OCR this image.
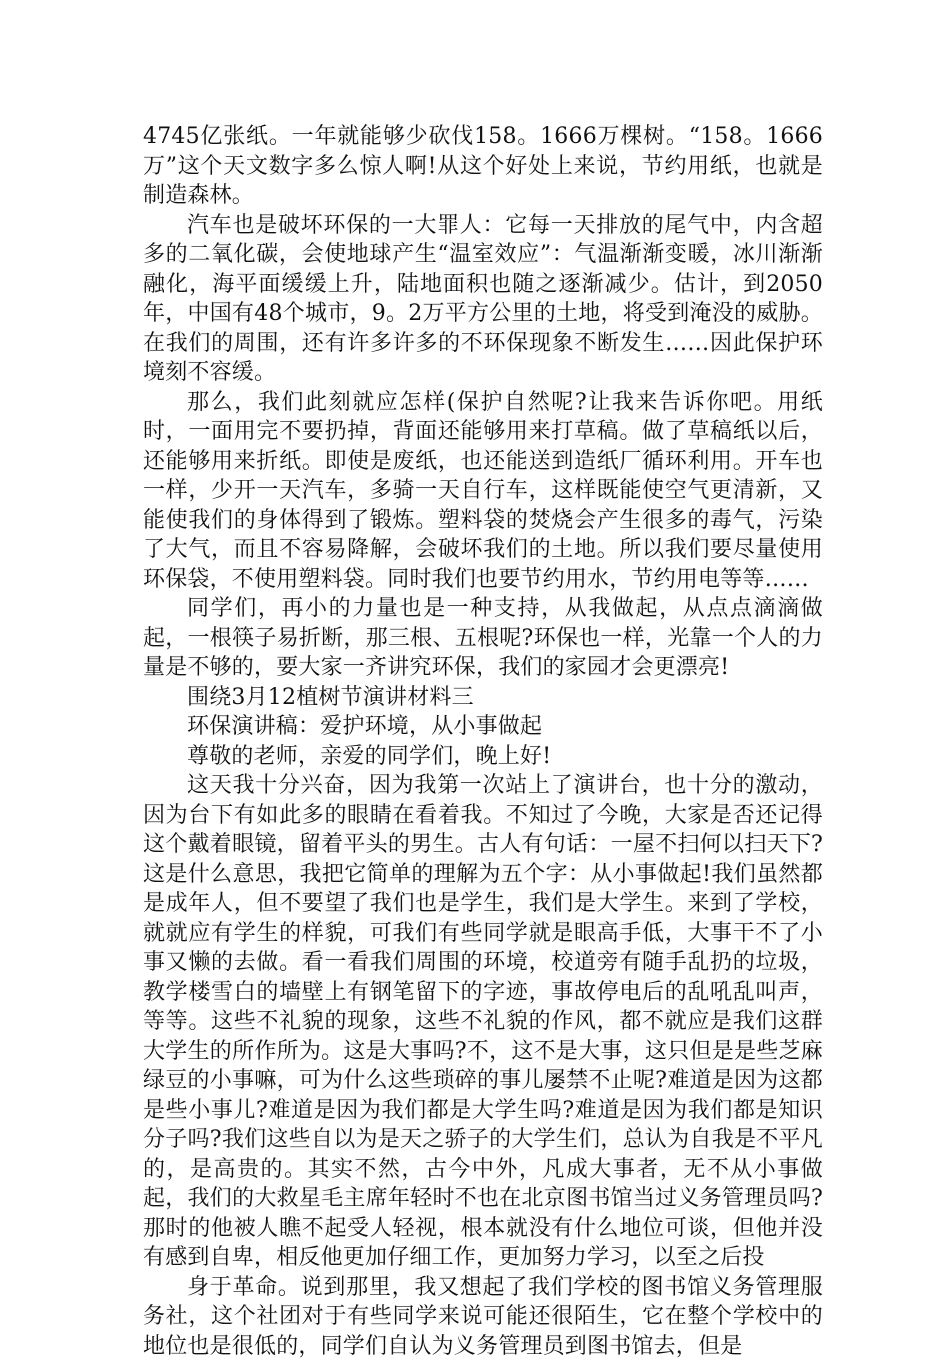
4745亿张纸。一年就能够少砍伐158。1666万棵树。“158。1666万”这个天文数字多么惊人啊!从这个好处上来说，节约用纸，也就是制造森林。

汽车也是破坏环保的一大罪人：它每一天排放的尾气中，内含超多的二氧化碳，会使地球产生“温室效应”：气温渐渐变暖，冰川渐渐融化，海平面缓缓上升，陆地面积也随之逐渐减少。估计，到2050年，中国有48个城市，9。2万平方公里的土地，将受到淹没的威胁。在我们的周围，还有许多许多的不环保现象不断发生……因此保护环境刻不容缓。

那么，我们此刻就应怎样(保护自然呢?让我来告诉你吧。用纸时，一面用完不要扔掉，背面还能够用来打草稿。做了草稿纸以后，还能够用来折纸。即使是废纸，也还能送到造纸厂循环利用。开车也一样，少开一天汽车，多骑一天自行车，这样既能使空气更清新，又能使我们的身体得到了锻炼。塑料袋的焚烧会产生很多的毒气，污染了大气，而且不容易降解，会破坏我们的土地。所以我们要尽量使用环保袋，不使用塑料袋。同时我们也要节约用水，节约用电等等……

同学们，再小的力量也是一种支持，从我做起，从点点滴滴做起，一根筷子易折断，那三根、五根呢?环保也一样，光靠一个人的力量是不够的，要大家一齐讲究环保，我们的家园才会更漂亮!

围绕3月12植树节演讲材料三

环保演讲稿：爱护环境，从小事做起

尊敬的老师，亲爱的同学们，晚上好!

这天我十分兴奋，因为我第一次站上了演讲台，也十分的激动，因为台下有如此多的眼睛在看着我。不知过了今晚，大家是否还记得这个戴着眼镜，留着平头的男生。古人有句话：一屋不扫何以扫天下?这是什么意思，我把它简单的理解为五个字：从小事做起!我们虽然都是成年人，但不要望了我们也是学生，我们是大学生。来到了学校，就就应有学生的样貌，可我们有些同学就是眼高手低，大事干不了小事又懒的去做。看一看我们周围的环境，校道旁有随手乱扔的垃圾，教学楼雪白的墙壁上有钢笔留下的字迹，事故停电后的乱吼乱叫声，等等。这些不礼貌的现象，这些不礼貌的作风，都不就应是我们这群大学生的所作所为。这是大事吗?不，这不是大事，这只但是是些芝麻绿豆的小事嘛，可为什么这些琐碎的事儿屡禁不止呢?难道是因为这都是些小事儿?难道是因为我们都是大学生吗?难道是因为我们都是知识分子吗?我们这些自以为是天之骄子的大学生们，总认为自我是不平凡的，是高贵的。其实不然，古今中外，凡成大事者，无不从小事做起，我们的大救星毛主席年轻时不也在北京图书馆当过义务管理员吗?那时的他被人瞧不起受人轻视，根本就没有什么地位可谈，但他并没有感到自卑，相反他更加仔细工作，更加努力学习，以至之后投

身于革命。说到那里，我又想起了我们学校的图书馆义务管理服务社，这个社团对于有些同学来说可能还很陌生，它在整个学校中的地位也是很低的，同学们自认为义务管理员到图书馆去，但是
